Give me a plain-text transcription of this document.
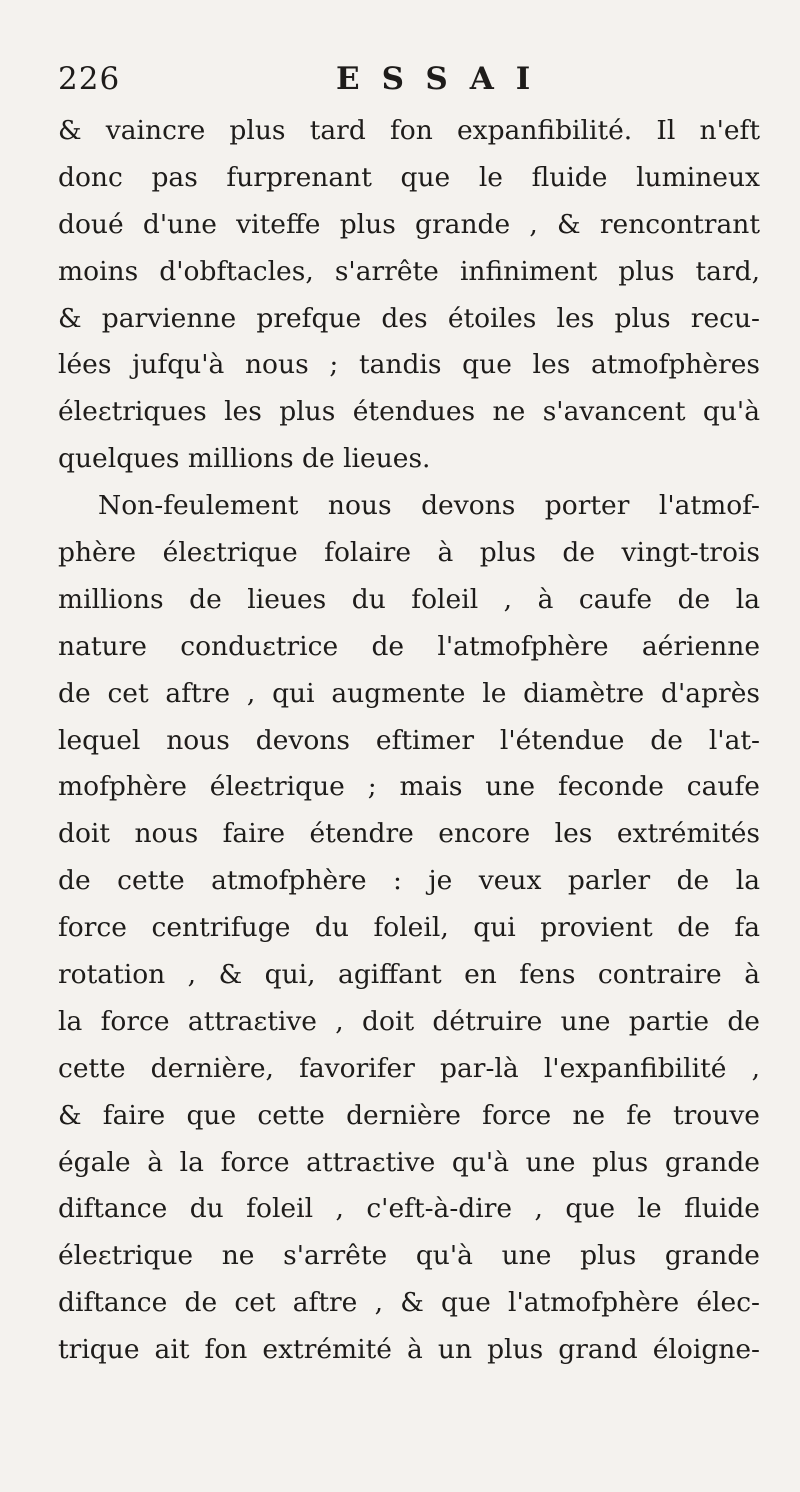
226	ESSAI
& vaincre plus tard fon expanfibilité. Il n'eft
donc pas furprenant que le fluide lumineux
doué d'une viteffe plus grande , & rencontrant
moins d'obftacles, s'arrête infiniment plus tard,
& parvienne prefque des étoiles les plus recu-
lées jufqu'à nous ; tandis que les atmofphères
éleɛtriques les plus étendues ne s'avancent qu'à
quelques millions de lieues.
Non-feulement nous devons porter l'atmof-
phère éleɛtrique folaire à plus de vingt-trois
millions de lieues du foleil , à caufe de la
nature conduɛtrice de l'atmofphère aérienne
de cet aftre , qui augmente le diamètre d'après
lequel nous devons eftimer l'étendue de l'at-
mofphère éleɛtrique ; mais une feconde caufe
doit nous faire étendre encore les extrémités
de cette atmofphère : je veux parler de la
force centrifuge du foleil, qui provient de fa
rotation , & qui, agiffant en fens contraire à
la force attraɛtive , doit détruire une partie de
cette dernière, favorifer par-là l'expanfibilité ,
& faire que cette dernière force ne fe trouve
égale à la force attraɛtive qu'à une plus grande
diftance du foleil , c'eft-à-dire , que le fluide
éleɛtrique ne s'arrête qu'à une plus grande
diftance de cet aftre , & que l'atmofphère élec-
trique ait fon extrémité à un plus grand éloigne-
